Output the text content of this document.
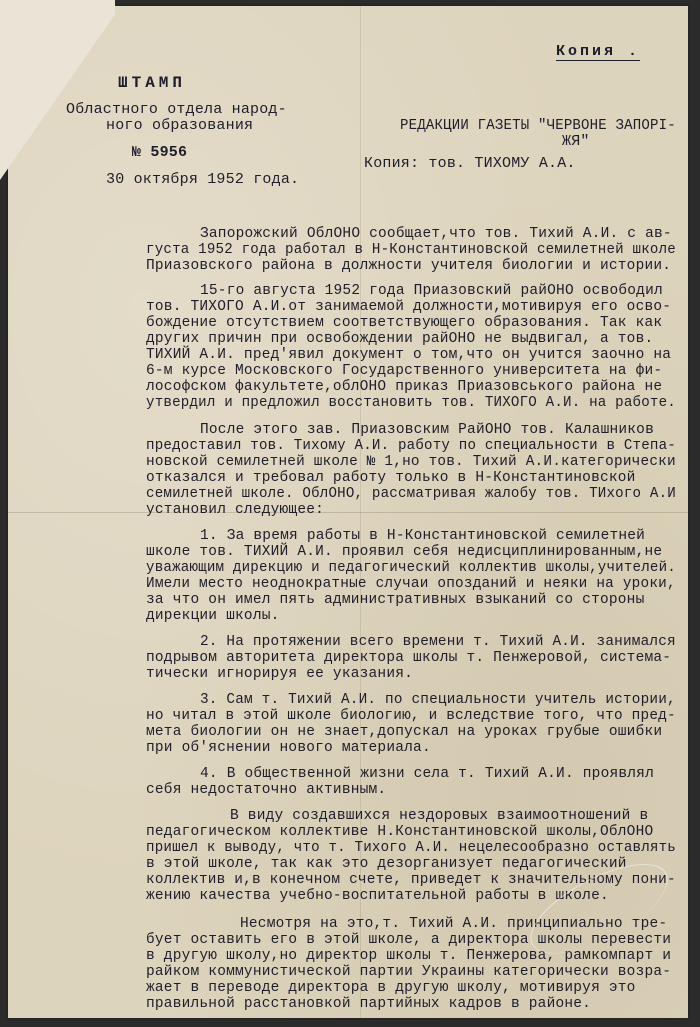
Копия .
ШТАМП
Областного отдела народ-
ного образования
№ 5956
30 октября 1952 года.
РЕДАКЦИИ ГАЗЕТЫ "ЧЕРВОНЕ ЗАПОРІ-
ЖЯ"
Копия: тов. ТИХОМУ А.А.
Запорожский ОблОНО сообщает,что тов. Тихий А.И. с ав-
густа 1952 года работал в Н-Константиновской семилетней школе
Приазовского района в должности учителя биологии и истории.
15-го августа 1952 года Приазовский райОНО освободил
тов. ТИХОГО А.И.от занимаемой должности,мотивируя его осво-
бождение отсутствием соответствующего образования. Так как
других причин при освобождении райОНО не выдвигал, а тов.
ТИХИЙ А.И. пред'явил документ о том,что он учится заочно на
6-м курсе Московского Государственного университета на фи-
лософском факультете,облОНО приказ Приазовського района не
утвердил и предложил восстановить тов. ТИХОГО А.И. на работе.
После этого зав. Приазовским РайОНО тов. Калашников
предоставил тов. Тихому А.И. работу по специальности в Степа-
новской семилетней школе № 1,но тов. Тихий А.И.категорически
отказался и требовал работу только в Н-Константиновской
семилетней школе. ОблОНО, рассматривая жалобу тов. ТИхого А.И
установил следующее:
1. За время работы в Н-Константиновской семилетней
школе тов. ТИХИЙ А.И. проявил себя недисциплинированным,не
уважающим дирекцию и педагогический коллектив школы,учителей.
Имели место неоднократные случаи опозданий и неяки на уроки,
за что он имел пять административных взыканий со стороны
дирекции школы.
2. На протяжении всего времени т. Тихий А.И. занимался
подрывом авторитета директора школы т. Пенжеровой, система-
тически игнорируя ее указания.
3. Сам т. Тихий А.И. по специальности учитель истории,
но читал в этой школе биологию, и вследствие того, что пред-
мета биологии он не знает,допускал на уроках грубые ошибки
при об'яснении нового материала.
4. В общественной жизни села т. Тихий А.И. проявлял
себя недостаточно активным.
В виду создавшихся нездоровых взаимоотношений в
педагогическом коллективе Н.Константиновской школы,ОблОНО
пришел к выводу, что т. Тихого А.И. нецелесообразно оставлять
в этой школе, так как это дезорганизует педагогический
коллектив и,в конечном счете, приведет к значительному пони-
жению качества учебно-воспитательной работы в школе.
Несмотря на это,т. Тихий А.И. принципиально тре-
бует оставить его в этой школе, а директора школы перевести
в другую школу,но директор школы т. Пенжерова, рамкомпарт и
райком коммунистической партии Украины категорически возра-
жает в переводе директора в другую школу, мотивируя это
правильной расстановкой партийных кадров в районе.
